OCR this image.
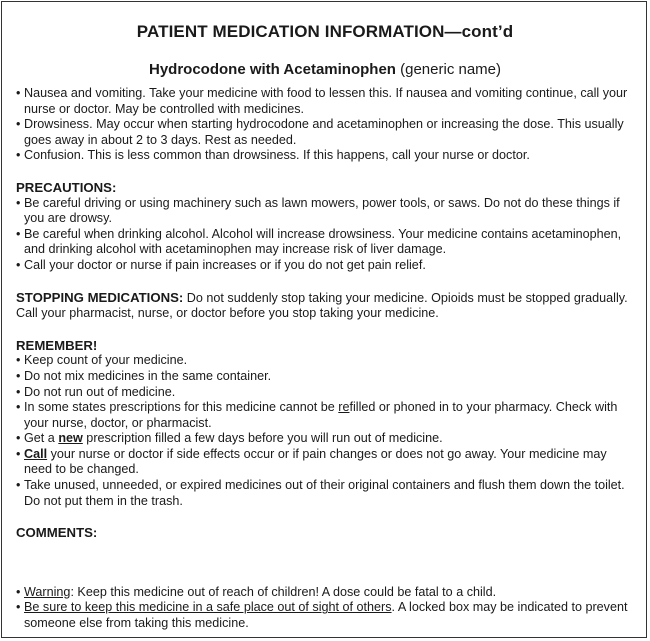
PATIENT MEDICATION INFORMATION—cont’d
Hydrocodone with Acetaminophen (generic name)
• Nausea and vomiting. Take your medicine with food to lessen this. If nausea and vomiting continue, call your nurse or doctor. May be controlled with medicines.
• Drowsiness. May occur when starting hydrocodone and acetaminophen or increasing the dose. This usually goes away in about 2 to 3 days. Rest as needed.
• Confusion. This is less common than drowsiness. If this happens, call your nurse or doctor.
PRECAUTIONS:
• Be careful driving or using machinery such as lawn mowers, power tools, or saws. Do not do these things if you are drowsy.
• Be careful when drinking alcohol. Alcohol will increase drowsiness. Your medicine contains acetaminophen, and drinking alcohol with acetaminophen may increase risk of liver damage.
• Call your doctor or nurse if pain increases or if you do not get pain relief.
STOPPING MEDICATIONS: Do not suddenly stop taking your medicine. Opioids must be stopped gradually. Call your pharmacist, nurse, or doctor before you stop taking your medicine.
REMEMBER!
• Keep count of your medicine.
• Do not mix medicines in the same container.
• Do not run out of medicine.
• In some states prescriptions for this medicine cannot be refilled or phoned in to your pharmacy. Check with your nurse, doctor, or pharmacist.
• Get a new prescription filled a few days before you will run out of medicine.
• Call your nurse or doctor if side effects occur or if pain changes or does not go away. Your medicine may need to be changed.
• Take unused, unneeded, or expired medicines out of their original containers and flush them down the toilet. Do not put them in the trash.
COMMENTS:
• Warning: Keep this medicine out of reach of children! A dose could be fatal to a child.
• Be sure to keep this medicine in a safe place out of sight of others. A locked box may be indicated to prevent someone else from taking this medicine.
